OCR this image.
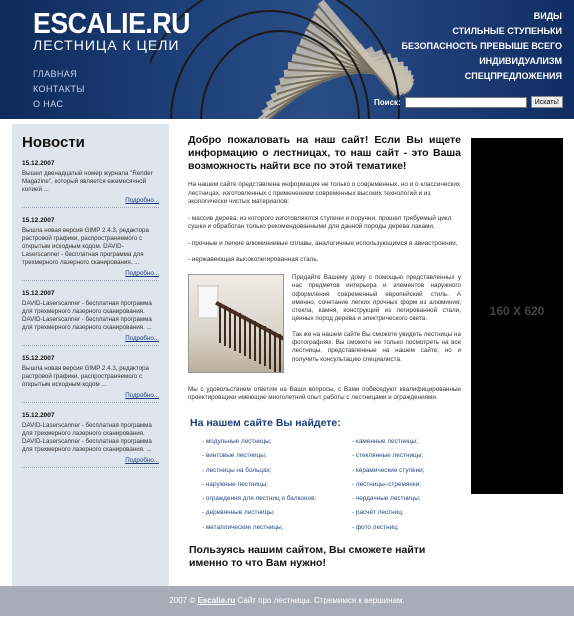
ESCALIE.RU
ЛЕСТНИЦА К ЦЕЛИ
ГЛАВНАЯ
КОНТАКТЫ
О НАС
ВИДЫ
СТИЛЬНЫЕ СТУПЕНЬКИ
БЕЗОПАСНОСТЬ ПРЕВЫШЕ ВСЕГО
ИНДИВИДУАЛИЗМ
СПЕЦПРЕДЛОЖЕНИЯ
Поиск:	Искать!
Новости
15.12.2007
Вышел двенадцатый номер журнала "Render Magazine", который является ежемесячной копией ...
Подробно...
15.12.2007
Вышла новая версия GIMP 2.4.3, редактора растровой графики, распространяемого с открытым исходным кодом. DAVID-Laserscanner - бесплатная программа для трехмерного лазерного сканирования. ...
Подробно...
15.12.2007
DAVID-Laserscanner - бесплатная программа для трехмерного лазерного сканирования. DAVID-Laserscanner - бесплатная программа для трехмерного лазерного сканирования. ...
Подробно...
15.12.2007
Вышла новая версия GIMP 2.4.3, редактора растровой графики, распространяемого с открытым исходным кодом ...
Подробно...
15.12.2007
DAVID-Laserscanner - бесплатная программа для трехмерного лазерного сканирования. DAVID-Laserscanner - бесплатная программа для трехмерного лазерного сканирования. ...
Подробно...
Добро пожаловать на наш сайт! Если Вы ищете информацию о лестницах, то наш сайт - это Ваша возможность найти все по этой тематике!

На нашем сайте представлена информация не только о современных, но и о классических лестницах, изготовленных с применением современных высоких технологий и из экологически чистых материалов:

- массив дерева, из которого изготовляются ступени и поручни, прошел требуемый цикл сушки и обработан только рекомендованными для данной породы дерева лаками,

- прочные и легкие алюминиевые сплавы, аналогичные использующимся в авиастроении,

- нержавеющая высокопегированная сталь.

Придайте Вашему дому с помощью представленных у нас предметов интерьера и элементов наружного оформления современный европейский стиль. А именно, сочетание легких прочных форм из алюминия, стекла, камня, конструкций из легированной стали, ценных пород дерева и электрического света.

Так же на нашем сайте Вы сможете увидеть лестницы на фотографиях. Вы сможете не только посмотреть на все лестницы, представленные на нашем сайте, но и получить консультацию специалиста.

Мы с удовольствием ответим на Ваши вопросы, с Вами побеседуют квалифицированные проектировщики имеющие многолетний опыт работы с лестницами и ограждениями.

На нашем сайте Вы найдете:
- модульные лестницы;	- каменные лестницы;
- винтовые лестницы;	- стеклянные лестницы;
- лестницы на больцах;	- керамические ступени;
- наружные лестницы;	- лестницы–стремянки;
- ограждения для лестниц и балконов;	- чердачные лестницы;
- деревянные лестницы;	- расчёт лестниц;
- металлические лестницы;	- фото лестниц;
Пользуясь нашим сайтом, Вы сможете найти именно то что Вам нужно!
160 X 620
2007 © Escalie.ru Сайт про лестницы. Стремимся к вершинам.
